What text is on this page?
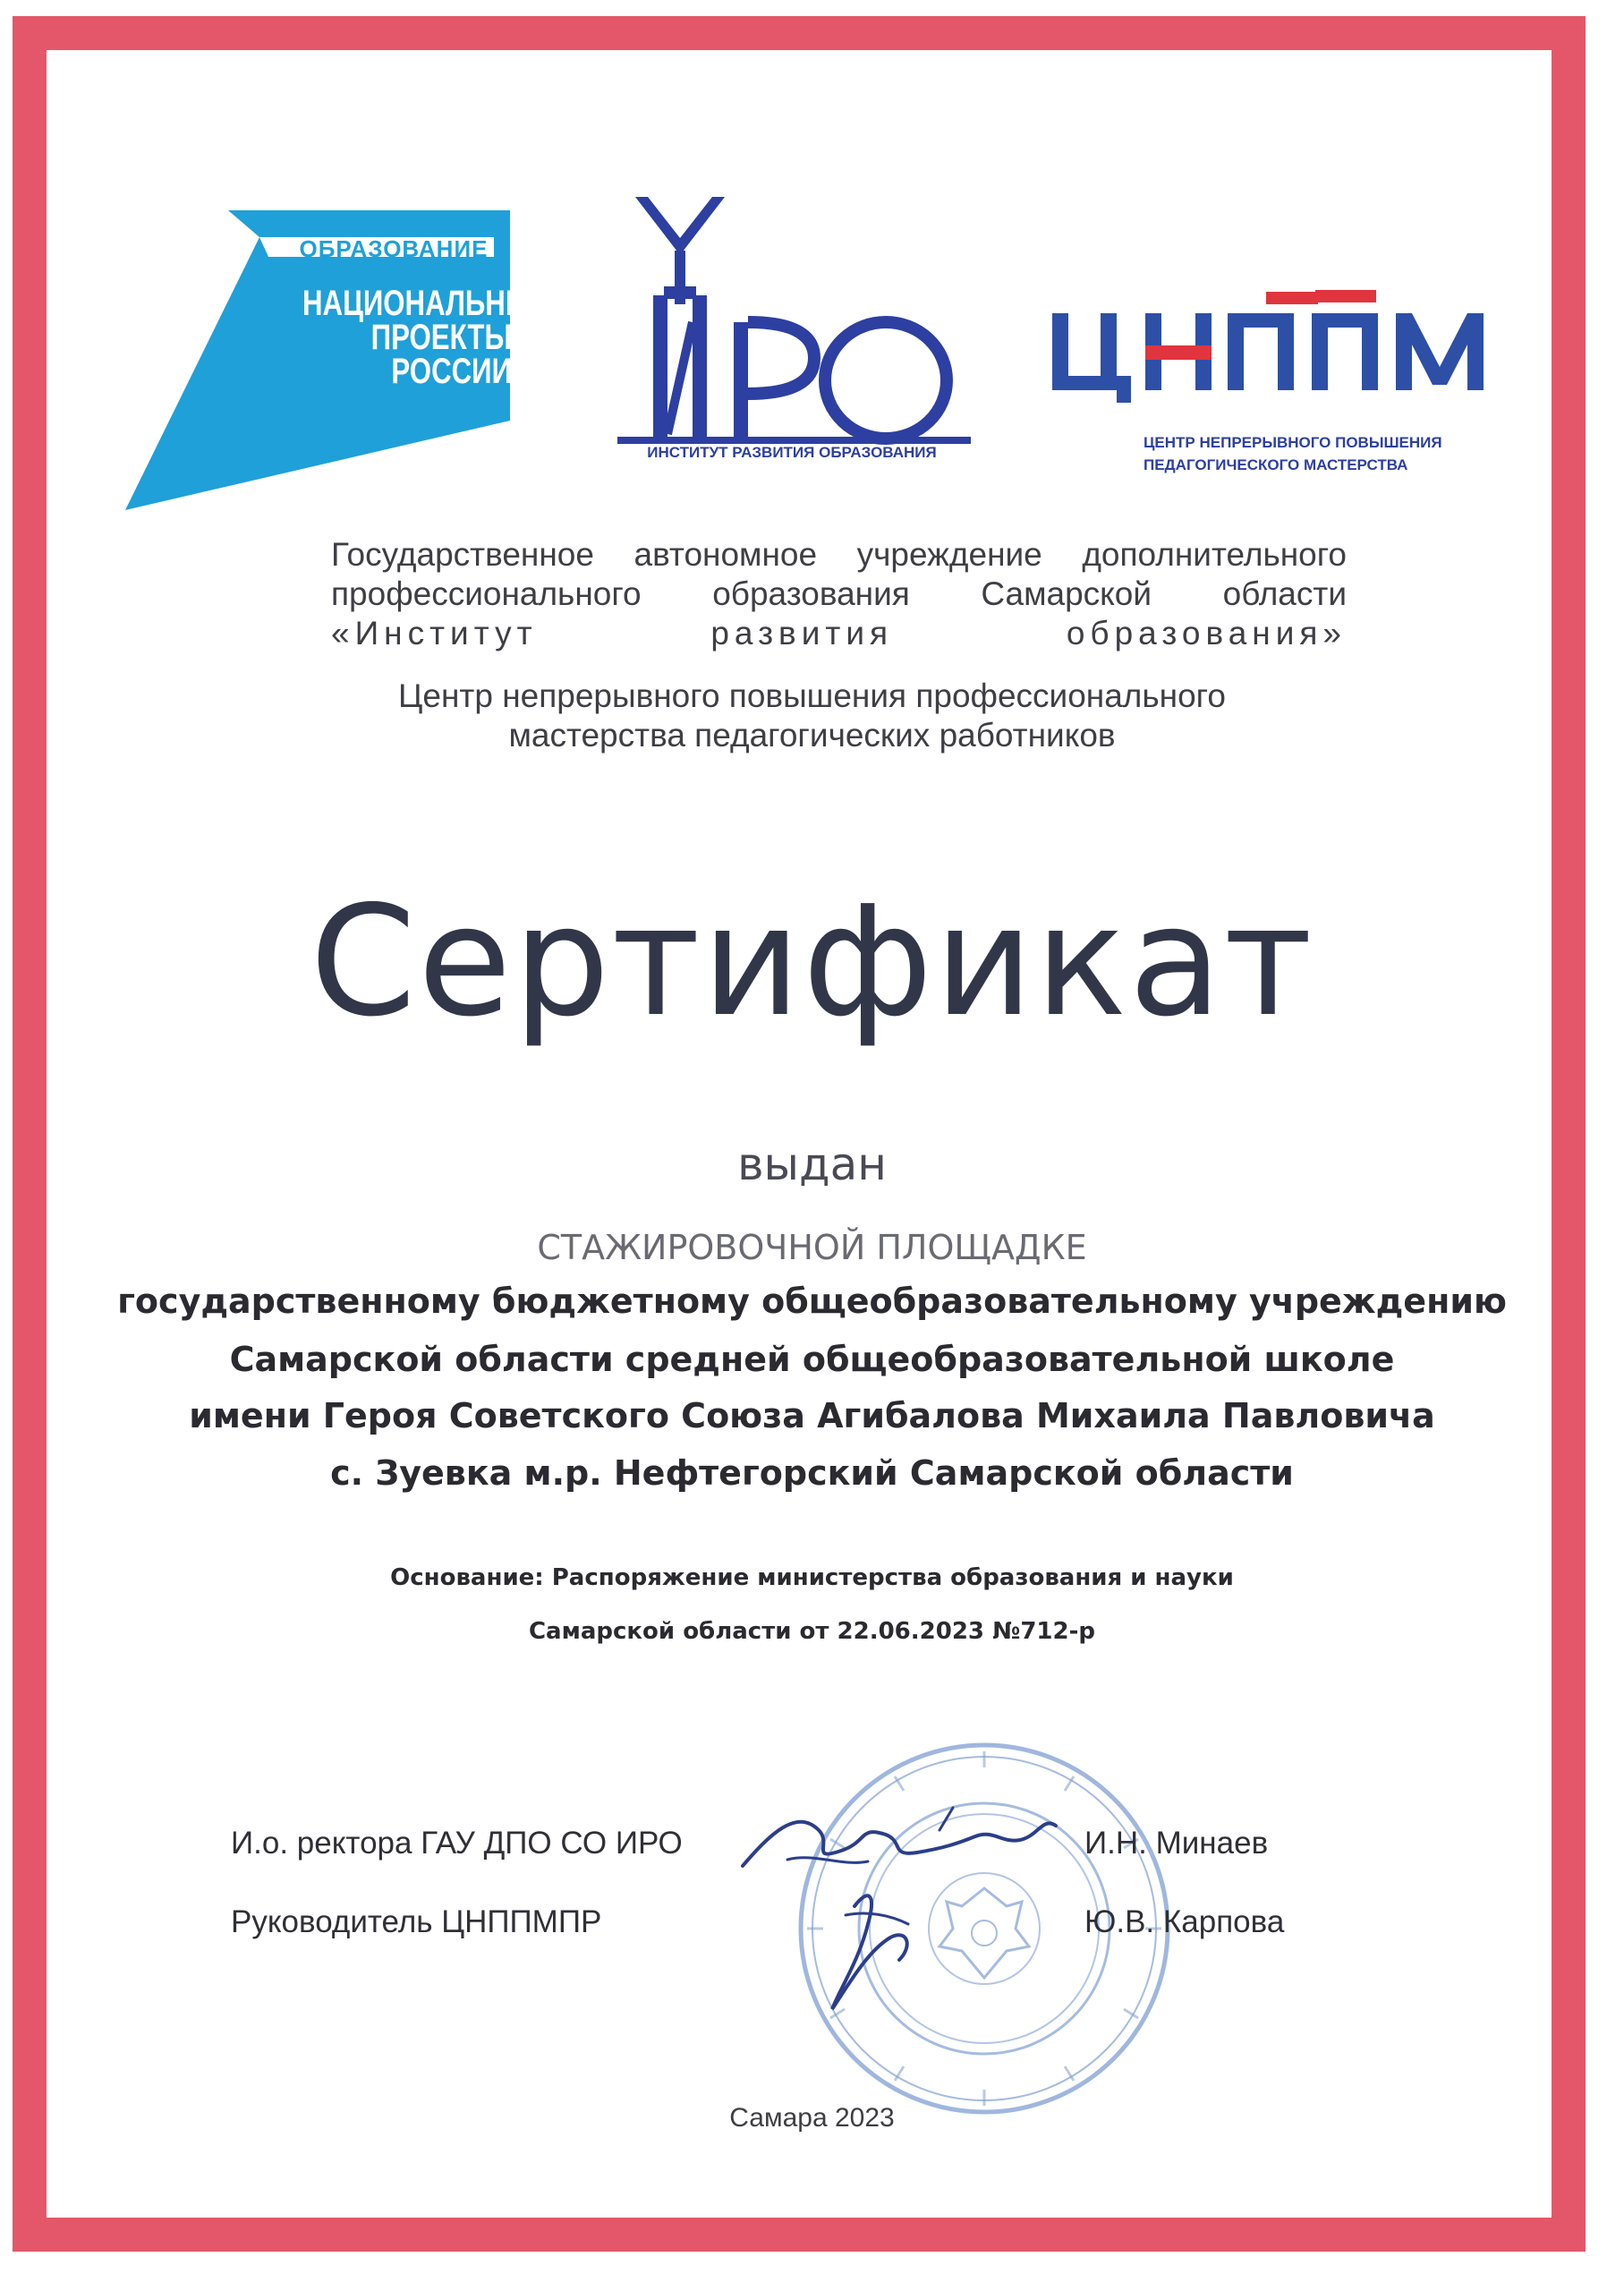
ОБРАЗОВАНИЕ
НАЦИОНАЛЬНЫЕ
ПРОЕКТЫ
РОССИИ
ИНСТИТУТ РАЗВИТИЯ ОБРАЗОВАНИЯ
ЦЕНТР НЕПРЕРЫВНОГО ПОВЫШЕНИЯ
ПЕДАГОГИЧЕСКОГО МАСТЕРСТВА
Государственное автономное учреждение дополнительного
профессионального образования Самарской области
«Институт развития образования»
Центр непрерывного повышения профессионального
мастерства педагогических работников
Сертификат
выдан
СТАЖИРОВОЧНОЙ ПЛОЩАДКЕ
государственному бюджетному общеобразовательному учреждению
Самарской области средней общеобразовательной школе
имени Героя Советского Союза Агибалова Михаила Павловича
с. Зуевка м.р. Нефтегорский Самарской области
Основание: Распоряжение министерства образования и науки
Самарской области от 22.06.2023 №712-р
И.о. ректора ГАУ ДПО СО ИРО	И.Н. Минаев
Руководитель ЦНППМПР	Ю.В. Карпова
Самара 2023
